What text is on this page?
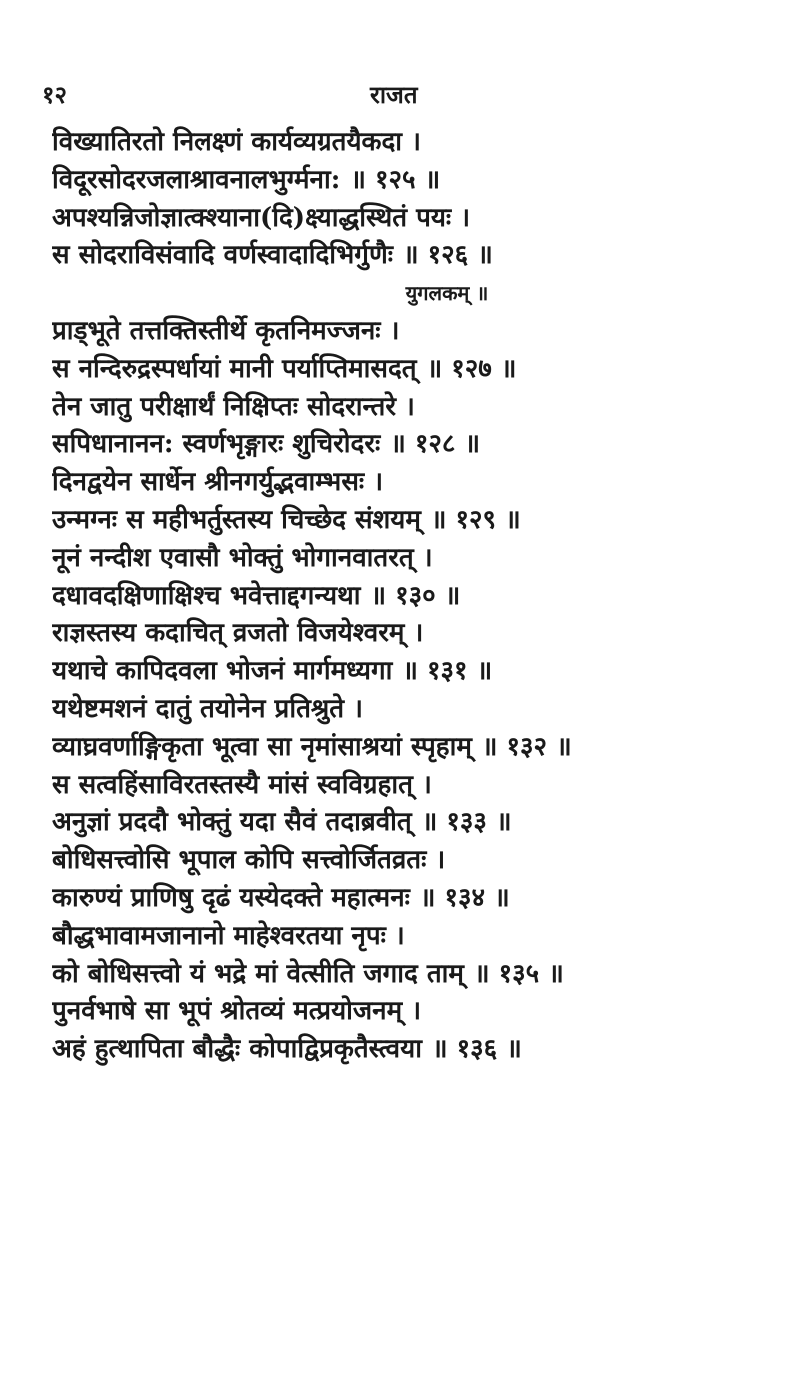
१२	राजत
विख्यातिरतो निलक्ष्णं कार्यव्यग्रतयैकदा ।
विदूरसोदरजलाश्रावनालभुर्ग्मना: ॥ १२५ ॥
अपश्यन्निजोज्ञात्क्श्याना(दि)क्ष्याद्धस्थितं पयः ।
स सोदराविसंवादि वर्णस्वादादिभिर्गुणैः ॥ १२६ ॥
युगलकम् ॥
प्राड्भूते तत्तक्तिस्तीर्थे कृतनिमज्जनः ।
स नन्दिरुद्रस्पर्धायां मानी पर्याप्तिमासदत् ॥ १२७ ॥
तेन जातु परीक्षार्थं निक्षिप्तः सोदरान्तरे ।
सपिधानानन: स्वर्णभृङ्गारः शुचिरोदरः ॥ १२८ ॥
दिनद्वयेन सार्धेन श्रीनगर्युद्भवाम्भसः ।
उन्मग्नः स महीभर्तुस्तस्य चिच्छेद संशयम् ॥ १२९ ॥
नूनं नन्दीश एवासौ भोक्तुं भोगानवातरत् ।
दधावदक्षिणाक्षिश्च भवेत्ताद्दगन्यथा ॥ १३० ॥
राज्ञस्तस्य कदाचित् व्रजतो विजयेश्वरम् ।
यथाचे कापिदवला भोजनं मार्गमध्यगा ॥ १३१ ॥
यथेष्टमशनं दातुं तयोनेन प्रतिश्रुते ।
व्याघ्रवर्णाङ्गिकृता भूत्वा सा नृमांसाश्रयां स्पृहाम् ॥ १३२ ॥
स सत्वहिंसाविरतस्तस्यै मांसं स्वविग्रहात् ।
अनुज्ञां प्रददौ भोक्तुं यदा सैवं तदाब्रवीत् ॥ १३३ ॥
बोधिसत्त्वोसि भूपाल कोपि सत्त्वोर्जितव्रतः ।
कारुण्यं प्राणिषु दृढं यस्येदक्ते महात्मनः ॥ १३४ ॥
बौद्धभावामजानानो माहेश्वरतया नृपः ।
को बोधिसत्त्वो यं भद्रे मां वेत्सीति जगाद ताम् ॥ १३५ ॥
पुनर्वभाषे सा भूपं श्रोतव्यं मत्प्रयोजनम् ।
अहं हुत्थापिता बौद्धैः कोपाद्विप्रकृतैस्त्वया ॥ १३६ ॥
